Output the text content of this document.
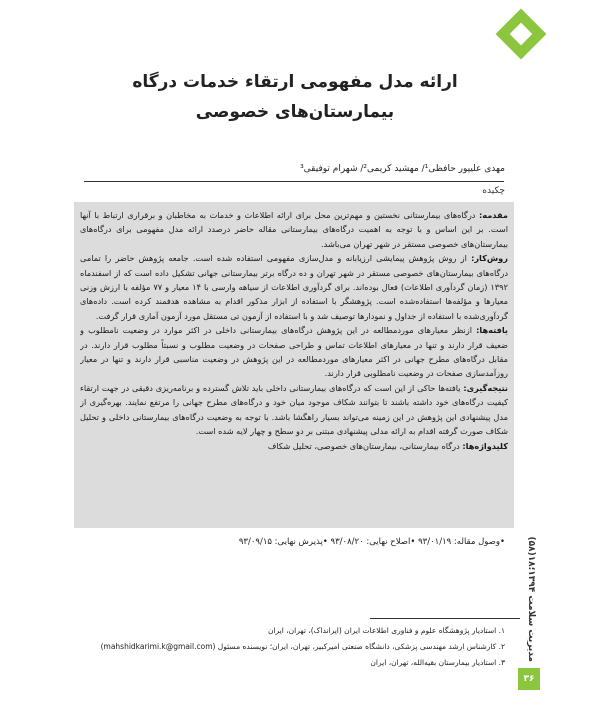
ارائه مدل مفهومی ارتقاء خدمات درگاه
بیمارستان‌های خصوصی
مهدی علیپور حافظی¹/ مهشید کریمی²/ شهرام توفیقی³
چکیده

مقدمه: درگاه‌های بیمارستانی نخستین و مهم‌ترین محل برای ارائه اطلاعات و خدمات به مخاطبان و برقراری ارتباط با آنها است. بر این اساس و با توجه به اهمیت درگاه‌های بیمارستانی مقاله حاضر درصدد ارائه مدل مفهومی برای درگاه‌های بیمارستان‌های خصوصی مستقر در شهر تهران می‌باشد.

روش‌کار: از روش پژوهش پیمایشی ارزیابانه و مدل‌سازی مفهومی استفاده شده است. جامعه پژوهش حاضر را تمامی درگاه‌های بیمارستان‌های خصوصی مستقر در شهر تهران و ده درگاه برتر بیمارستانی جهانی تشکیل داده است که از اسفندماه ۱۳۹۲ (زمان گردآوری اطلاعات) فعال بوده‌اند. برای گردآوری اطلاعات از سیاهه وارسی با ۱۴ معیار و ۷۷ مؤلفه با ارزش وزنی معیارها و مؤلفه‌ها استفاده‌شده است. پژوهشگر با استفاده از ابزار مذکور اقدام به مشاهده هدفمند کرده است. داده‌های گردآوری‌شده با استفاده از جداول و نمودارها توصیف شد و با استفاده از آزمون تی مستقل مورد آزمون آماری قرار گرفت.

یافته‌ها: ازنظر معیارهای موردمطالعه در این پژوهش درگاه‌های بیمارستانی داخلی در اکثر موارد در وضعیت نامطلوب و ضعیف قرار دارند و تنها در معیارهای اطلاعات تماس و طراحی صفحات در وضعیت مطلوب و نسبتاً مطلوب قرار دارند. در مقابل درگاه‌های مطرح جهانی در اکثر معیارهای موردمطالعه در این پژوهش در وضعیت مناسبی قرار دارند و تنها در معیار روزآمدسازی صفحات در وضعیت نامطلوبی قرار دارند.

نتیجه‌گیری: یافته‌ها حاکی از این است که درگاه‌های بیمارستانی داخلی باید تلاش گسترده و برنامه‌ریزی دقیقی در جهت ارتقاء کیفیت درگاه‌های خود داشته باشند تا بتوانند شکاف موجود میان خود و درگاه‌های مطرح جهانی را مرتفع نمایند. بهره‌گیری از مدل پیشنهادی این پژوهش در این زمینه می‌تواند بسیار راهگشا باشد. با توجه به وضعیت درگاه‌های بیمارستانی داخلی و تحلیل شکاف صورت گرفته اقدام به ارائه مدلی پیشنهادی مبتنی بر دو سطح و چهار لایه شده است.

کلیدواژه‌ها: درگاه بیمارستانی، بیمارستان‌های خصوصی، تحلیل شکاف

•وصول مقاله: ۹۳/۰۱/۱۹ •اصلاح نهایی: ۹۳/۰۸/۲۰ •پذیرش نهایی: ۹۳/۰۹/۱۵	مدیریت سلامت ۱۳۹۴؛۱۸(۵۸)
۱. استادیار پژوهشگاه علوم و فناوری اطلاعات ایران (ایرانداک)، تهران، ایران
۲. کارشناس ارشد مهندسی پزشکی، دانشگاه صنعتی امیرکبیر، تهران، ایران؛ نویسنده مسئول (mahshidkarimi.k@gmail.com)
۳. استادیار بیمارستان بقیه‌الله، تهران، ایران
۳۶
